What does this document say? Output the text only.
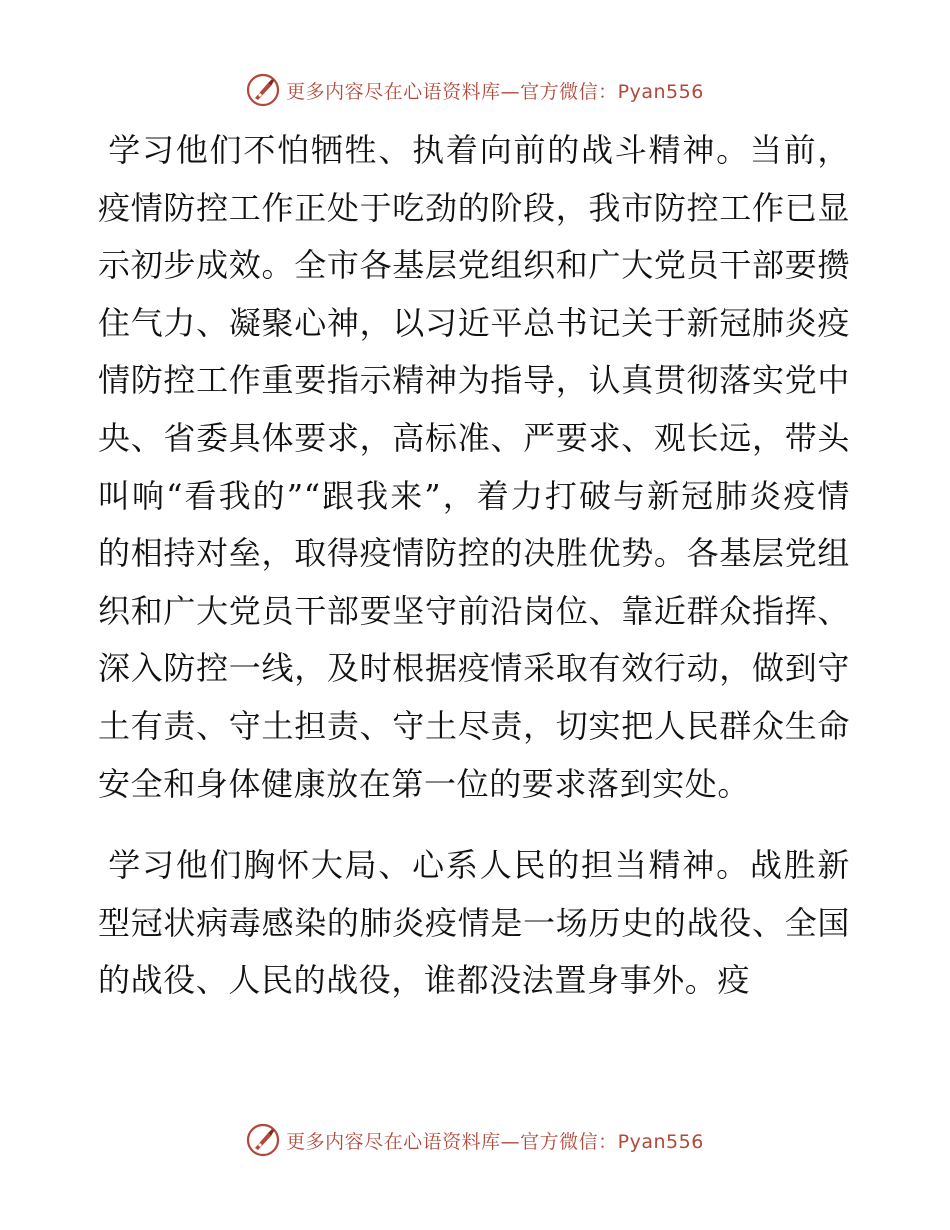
更多内容尽在心语资料库—官方微信：Pyan556

学习他们不怕牺牲、执着向前的战斗精神。当前，疫情防控工作正处于吃劲的阶段，我市防控工作已显示初步成效。全市各基层党组织和广大党员干部要攒住气力、凝聚心神，以习近平总书记关于新冠肺炎疫情防控工作重要指示精神为指导，认真贯彻落实党中央、省委具体要求，高标准、严要求、观长远，带头叫响“看我的”“跟我来”，着力打破与新冠肺炎疫情的相持对垒，取得疫情防控的决胜优势。各基层党组织和广大党员干部要坚守前沿岗位、靠近群众指挥、深入防控一线，及时根据疫情采取有效行动，做到守土有责、守土担责、守土尽责，切实把人民群众生命安全和身体健康放在第一位的要求落到实处。

学习他们胸怀大局、心系人民的担当精神。战胜新型冠状病毒感染的肺炎疫情是一场历史的战役、全国的战役、人民的战役，谁都没法置身事外。疫

更多内容尽在心语资料库—官方微信：Pyan556
